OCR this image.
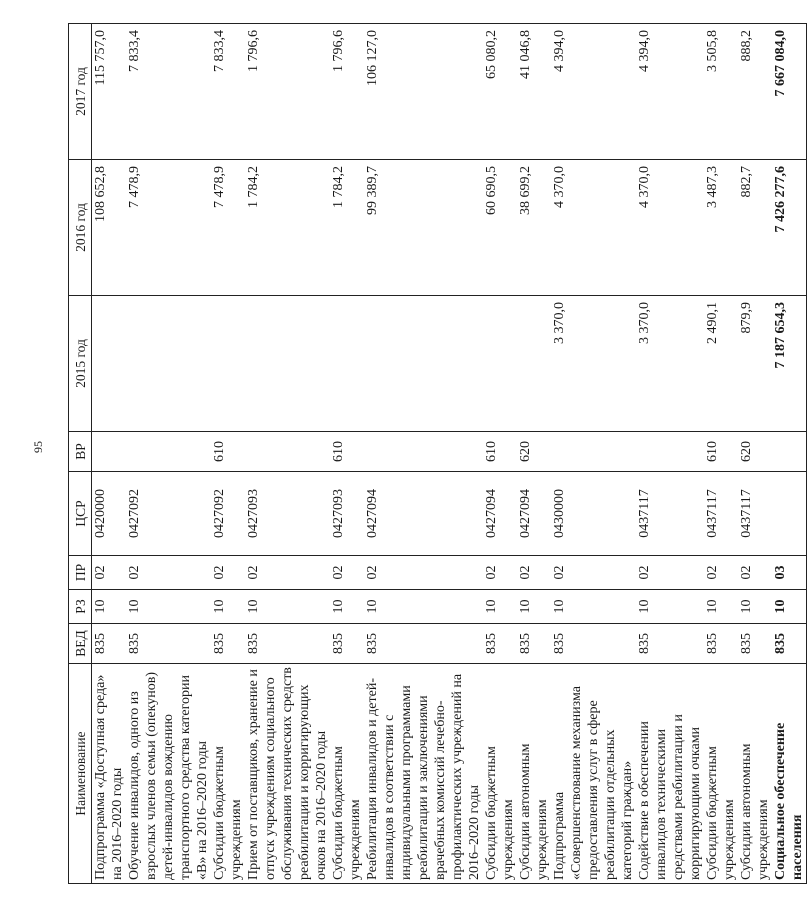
95
Наименование	ВЕД	РЗ	ПР	ЦСР	ВР	2015 год	2016 год	2017 год
Подпрограмма «Доступная среда» на 2016–2020 годы	835	10	02	0420000			108 652,8	115 757,0
Обучение инвалидов, одного из взрослых членов семьи (опекунов) детей-инвалидов вождению транспортного средства категории «В» на 2016–2020 годы	835	10	02	0427092			7 478,9	7 833,4
Субсидии бюджетным учреждениям	835	10	02	0427092	610		7 478,9	7 833,4
Прием от поставщиков, хранение и отпуск учреждениям социального обслуживания технических средств реабилитации и корригирующих очков на 2016–2020 годы	835	10	02	0427093			1 784,2	1 796,6
Субсидии бюджетным учреждениям	835	10	02	0427093	610		1 784,2	1 796,6
Реабилитация инвалидов и детей-инвалидов в соответствии с индивидуальными программами реабилитации и заключениями врачебных комиссий лечебно-профилактических учреждений на 2016–2020 годы	835	10	02	0427094			99 389,7	106 127,0
Субсидии бюджетным учреждениям	835	10	02	0427094	610		60 690,5	65 080,2
Субсидии автономным учреждениям	835	10	02	0427094	620		38 699,2	41 046,8
Подпрограмма «Совершенствование механизма предоставления услуг в сфере реабилитации отдельных категорий граждан»	835	10	02	0430000		3 370,0	4 370,0	4 394,0
Содействие в обеспечении инвалидов техническими средствами реабилитации и корригирующими очками	835	10	02	0437117		3 370,0	4 370,0	4 394,0
Субсидии бюджетным учреждениям	835	10	02	0437117	610	2 490,1	3 487,3	3 505,8
Субсидии автономным учреждениям	835	10	02	0437117	620	879,9	882,7	888,2
Социальное обеспечение населения	835	10	03			7 187 654,3	7 426 277,6	7 667 084,0
